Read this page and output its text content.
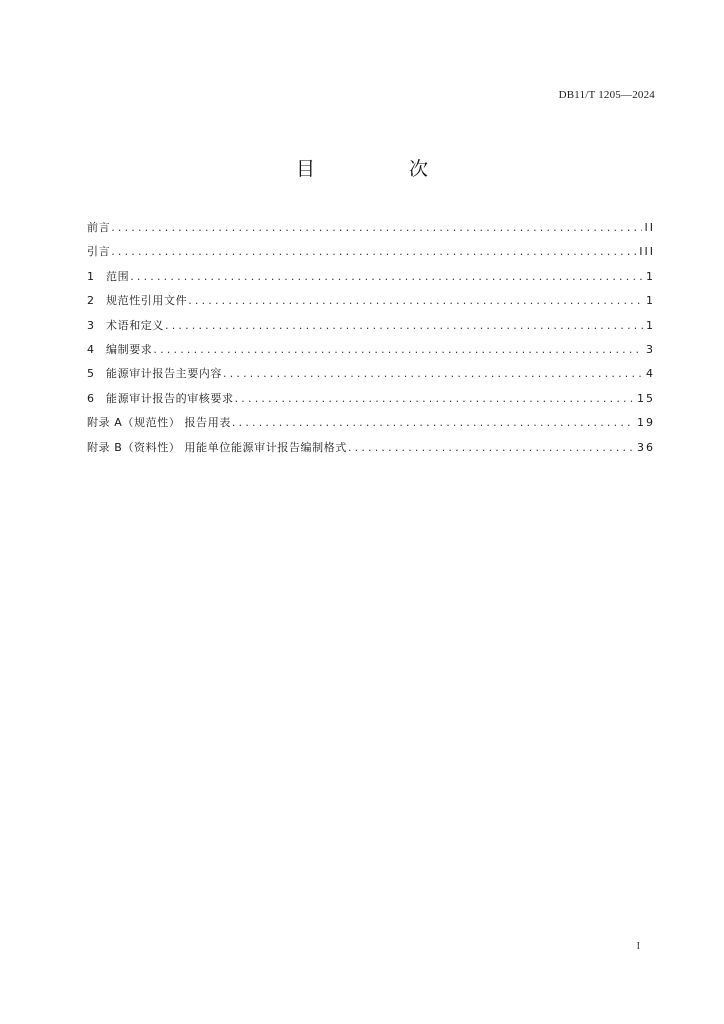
DB11/T 1205—2024
目 次
前言 .....	II
引言 .....	III
1	范围 .....	1
2	规范性引用文件 .....	1
3	术语和定义 .....	1
4	编制要求 .....	3
5	能源审计报告主要内容 .....	4
6	能源审计报告的审核要求 .....	15
附录 A（规范性） 报告用表 .....	19
附录 B（资料性） 用能单位能源审计报告编制格式 .....	36
I
